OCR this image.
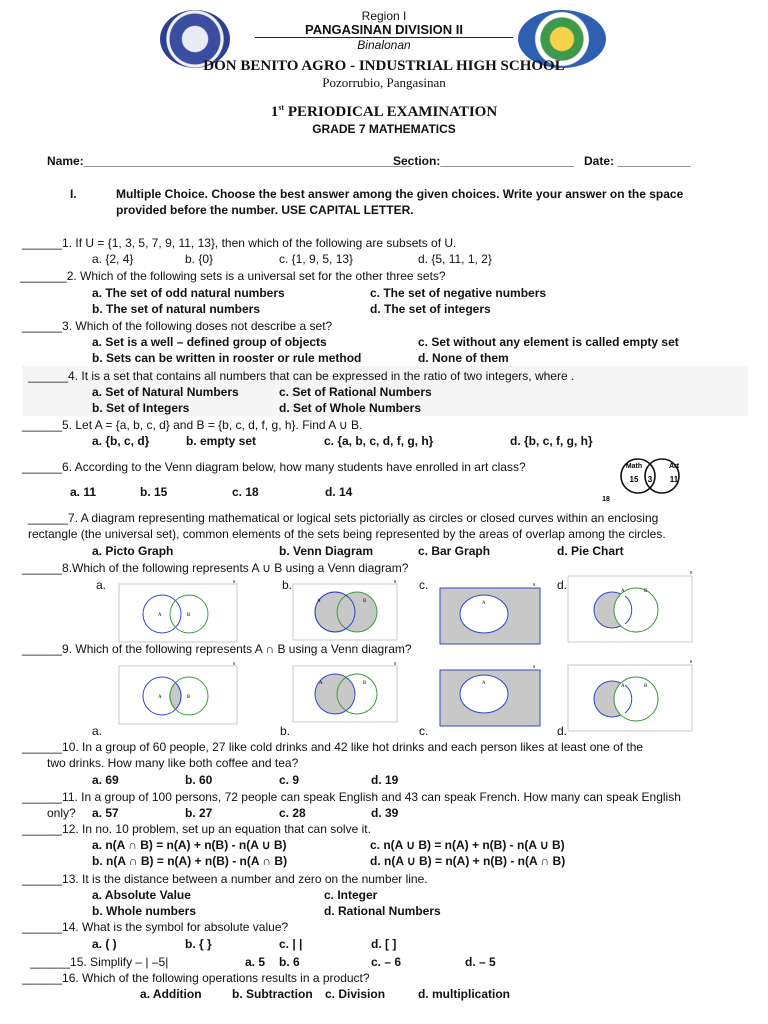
Region I
PANGASINAN DIVISION II
Binalonan
DON BENITO AGRO - INDUSTRIAL HIGH SCHOOL
Pozorrubio, Pangasinan
1st PERIODICAL EXAMINATION
GRADE 7 MATHEMATICS
Name:_________________________________________________
Section:____________________ Date: ___________
I.	Multiple Choice. Choose the best answer among the given choices. Write your answer on the space
provided before the number. USE CAPITAL LETTER.
______1. If U = {1, 3, 5, 7, 9, 11, 13}, then which of the following are subsets of U.
a. {2, 4}	b. {0}	c. {1, 9, 5, 13}	d. {5, 11, 1, 2}
_______2. Which of the following sets is a universal set for the other three sets?
a. The set of odd natural numbers
b. The set of natural numbers
c. The set of negative numbers
d. The set of integers
______3. Which of the following doses not describe a set?
a. Set is a well – defined group of objects
b. Sets can be written in rooster or rule method
c. Set without any element is called empty set
d. None of them
______4. It is a set that contains all numbers that can be expressed in the ratio of two integers, where .
a. Set of Natural Numbers
b. Set of Integers
c. Set of Rational Numbers
d. Set of Whole Numbers
______5. Let A = {a, b, c, d} and B = {b, c, d, f, g, h}. Find A ∪ B.
a. {b, c, d}	b. empty set	c. {a, b, c, d, f, g, h}	d. {b, c, f, g, h}
______6. According to the Venn diagram below, how many students have enrolled in art class?
a. 11	b. 15	c. 18	d. 14
Math	Art
15 3 11
18
______7. A diagram representing mathematical or logical sets pictorially as circles or closed curves within an enclosing
rectangle (the universal set), common elements of the sets being represented by the areas of overlap among the circles.
a. Picto Graph	b. Venn Diagram	c. Bar Graph	d. Pie Chart
______8.Which of the following represents A ∪ B using a Venn diagram?
a.	b.	c.	d.
s
A	B
s
A	B
s
A
s
A	B
______9. Which of the following represents A ∩ B using a Venn diagram?
s
A	B
s
A	B
s
A
s
A	B
a.	b.	c.	d.
______10. In a group of 60 people, 27 like cold drinks and 42 like hot drinks and each person likes at least one of the
two drinks. How many like both coffee and tea?
a. 69	b. 60	c. 9	d. 19
______11. In a group of 100 persons, 72 people can speak English and 43 can speak French. How many can speak English
only? a. 57	b. 27	c. 28	d. 39
______12. In no. 10 problem, set up an equation that can solve it.
a. n(A ∩ B) = n(A) + n(B) - n(A ∪ B)
b. n(A ∩ B) = n(A) + n(B) - n(A ∩ B)
c. n(A ∪ B) = n(A) + n(B) - n(A ∪ B)
d. n(A ∪ B) = n(A) + n(B) - n(A ∩ B)
______13. It is the distance between a number and zero on the number line.
a. Absolute Value
b. Whole numbers
c. Integer
d. Rational Numbers
______14. What is the symbol for absolute value?
a. ( )	b. { }	c. | |	d. [ ]
______15. Simplify – | –5|	a. 5 b. 6	c. – 6	d. – 5
______16. Which of the following operations results in a product?
a. Addition	b. Subtraction c. Division	d. multiplication
